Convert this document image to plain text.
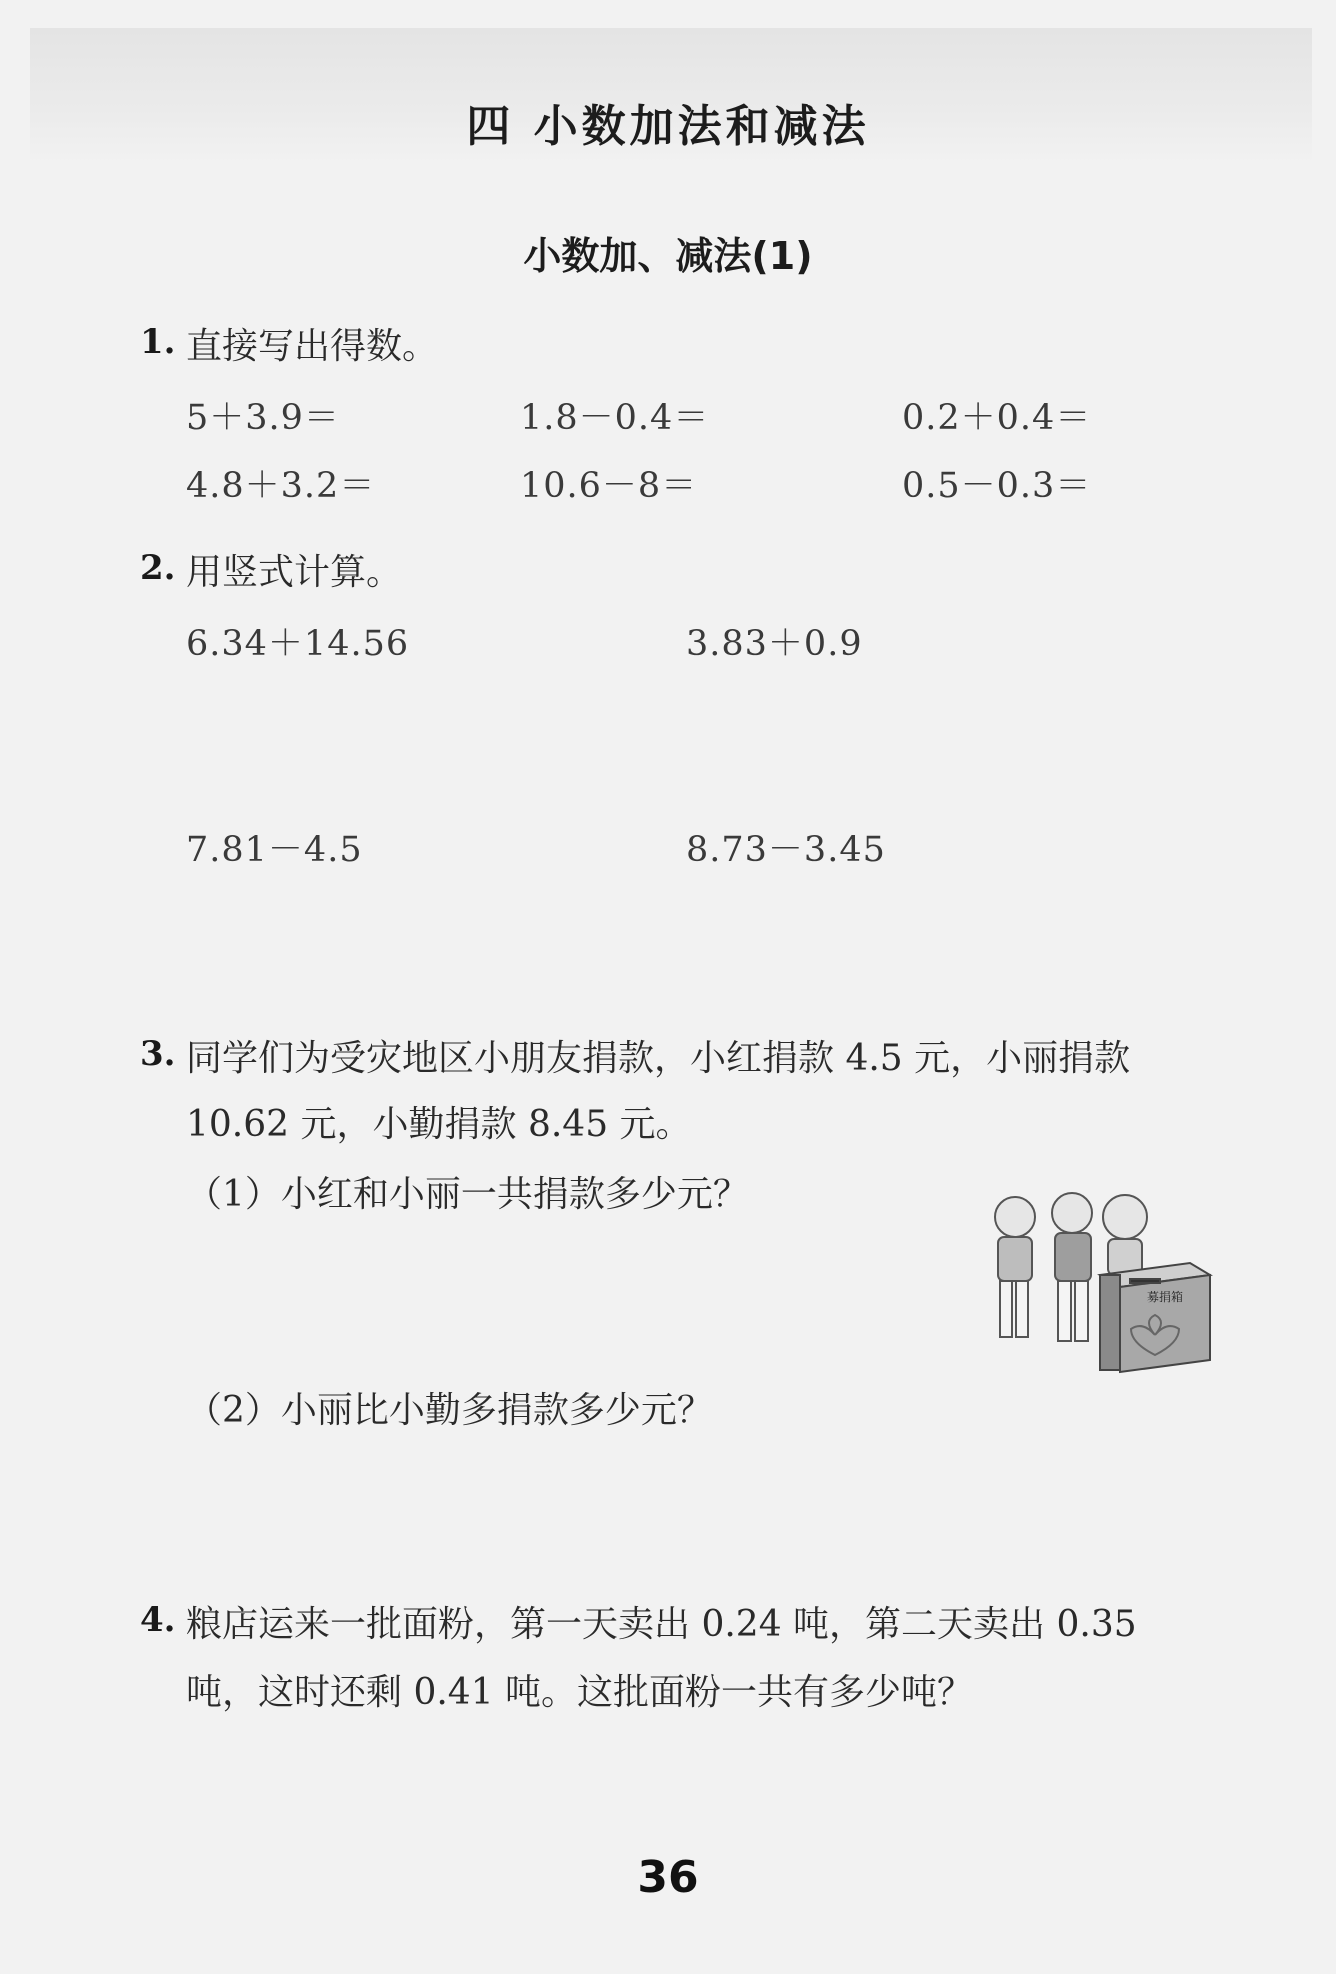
四 小数加法和减法
小数加、减法(1)
1. 直接写出得数。
5＋3.9＝	1.8－0.4＝	0.2＋0.4＝
4.8＋3.2＝	10.6－8＝	0.5－0.3＝
2. 用竖式计算。
6.34＋14.56	3.83＋0.9
7.81－4.5	8.73－3.45
3. 同学们为受灾地区小朋友捐款，小红捐款 4.5 元，小丽捐款
10.62 元，小勤捐款 8.45 元。
（1）小红和小丽一共捐款多少元？
（2）小丽比小勤多捐款多少元？
募捐箱
4. 粮店运来一批面粉，第一天卖出 0.24 吨，第二天卖出 0.35
吨，这时还剩 0.41 吨。这批面粉一共有多少吨？
36
